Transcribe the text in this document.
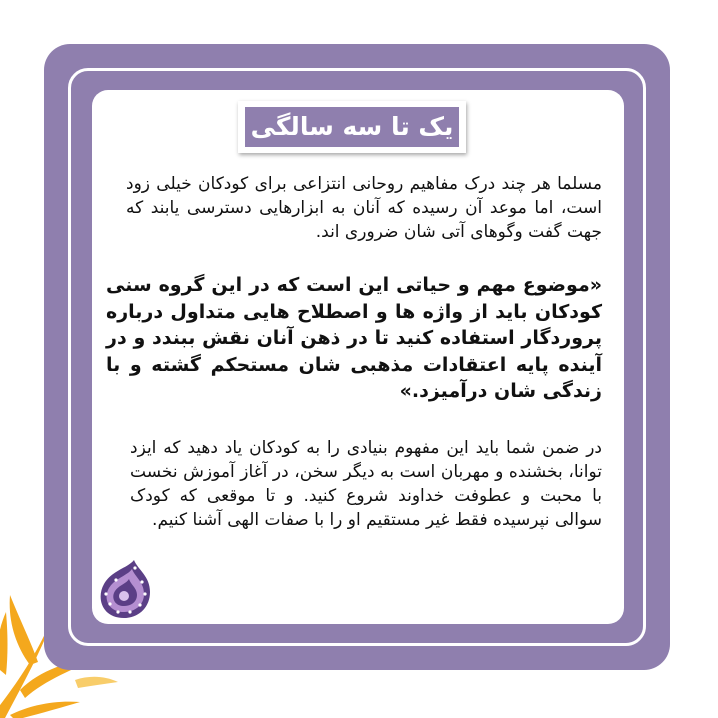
یک تا سه سالگی
مسلما هر چند درک مفاهیم روحانی انتزاعی برای کودکان خیلی زود است، اما موعد آن رسیده که آنان به ابزارهایی دسترسی یابند که جهت گفت وگوهای آتی شان ضروری اند.
«موضوع مهم و حیاتی این است که در این گروه سنی کودکان باید از واژه ها و اصطلاح هایی متداول درباره پروردگار استفاده کنید تا در ذهن آنان نقش ببندد و در آینده پایه اعتقادات مذهبی شان مستحکم گشته و با زندگی شان درآمیزد.»
در ضمن شما باید این مفهوم بنیادی را به کودکان یاد دهید که ایزد توانا، بخشنده و مهربان است به دیگر سخن، در آغاز آموزش نخست با محبت و عطوفت خداوند شروع کنید. و تا موقعی که کودک سوالی نپرسیده فقط غیر مستقیم او را با صفات الهی آشنا کنیم.
